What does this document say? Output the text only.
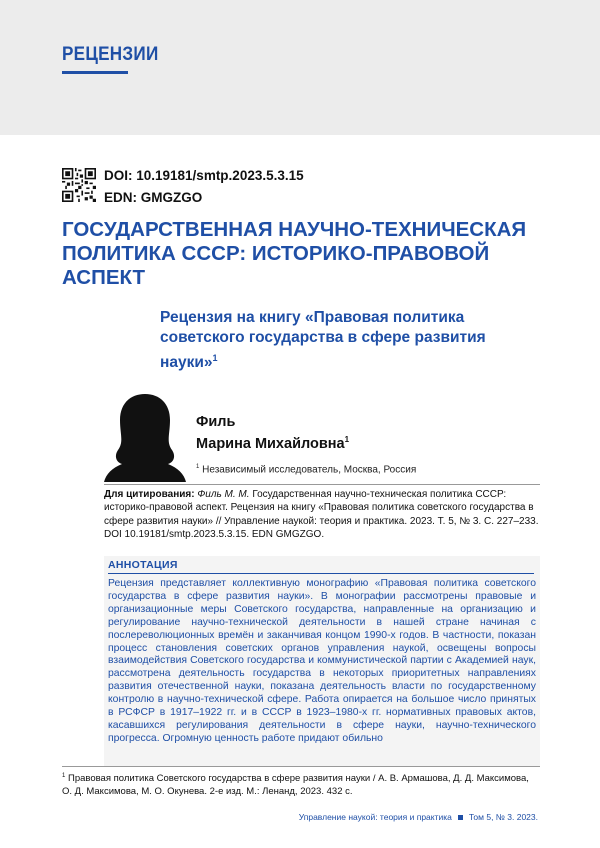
РЕЦЕНЗИИ
DOI: 10.19181/smtp.2023.5.3.15
EDN: GMGZGO
ГОСУДАРСТВЕННАЯ НАУЧНО-ТЕХНИЧЕСКАЯ ПОЛИТИКА СССР: ИСТОРИКО-ПРАВОВОЙ АСПЕКТ
Рецензия на книгу «Правовая политика советского государства в сфере развития науки»$^1$
Филь
Марина Михайловна$^1$
$^1$ Независимый исследователь, Москва, Россия
Для цитирования: Филь М. М. Государственная научно-техническая политика СССР: историко-правовой аспект. Рецензия на книгу «Правовая политика советского государства в сфере развития науки» // Управление наукой: теория и практика. 2023. Т. 5, № 3. С. 227–233. DOI 10.19181/smtp.2023.5.3.15. EDN GMGZGO.
АННОТАЦИЯ
Рецензия представляет коллективную монографию «Правовая политика советского государства в сфере развития науки». В монографии рассмотрены правовые и организационные меры Советского государства, направленные на организацию и регулирование научно-технической деятельности в нашей стране начиная с послереволюционных времён и заканчивая концом 1990-х годов. В частности, показан процесс становления советских органов управления наукой, освещены вопросы взаимодействия Советского государства и коммунистической партии с Академией наук, рассмотрена деятельность государства в некоторых приоритетных направлениях развития отечественной науки, показана деятельность власти по государственному контролю в научно-технической сфере. Работа опирается на большое число принятых в РСФСР в 1917–1922 гг. и в СССР в 1923–1980-х гг. нормативных правовых актов, касавшихся регулирования деятельности в сфере науки, научно-технического прогресса. Огромную ценность работе придают обильно
$^1$ Правовая политика Советского государства в сфере развития науки / А. В. Армашова, Д. Д. Максимова, О. Д. Максимова, М. О. Окунева. 2-е изд. М.: Ленанд, 2023. 432 с.
Управление наукой: теория и практика Том 5, № 3. 2023.
